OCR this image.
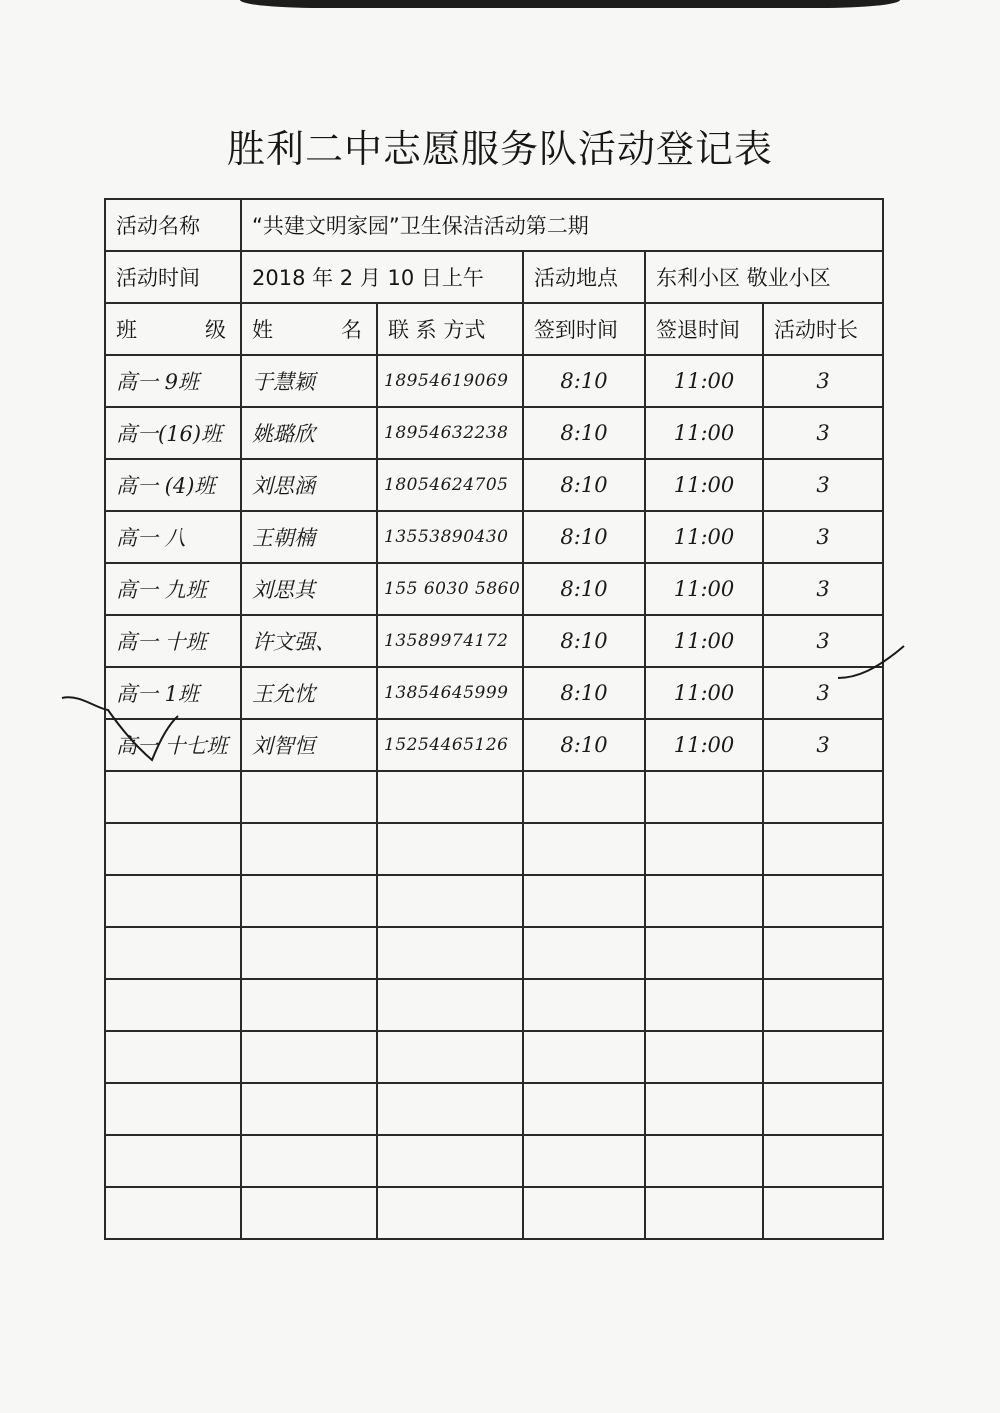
胜利二中志愿服务队活动登记表
活动名称	“共建文明家园”卫生保洁活动第二期				
活动时间	2018 年 2 月 10 日上午		活动地点	东利小区 敬业小区	

班 级	姓 名	联 系 方式	签到时间	签退时间	活动时长
高一 9班	于慧颖	18954619069	8:10	11:00	3
高一(16)班	姚璐欣	18954632238	8:10	11:00	3
高一 (4)班	刘思涵	18054624705	8:10	11:00	3
高一 八	王朝楠	13553890430	8:10	11:00	3
高一 九班	刘思其	155 6030 5860	8:10	11:00	3
高一 十班	许文强、	13589974172	8:10	11:00	3
高一 1班	王允忱	13854645999	8:10	11:00	3
高一 十七班	刘智恒	15254465126	8:10	11:00	3
